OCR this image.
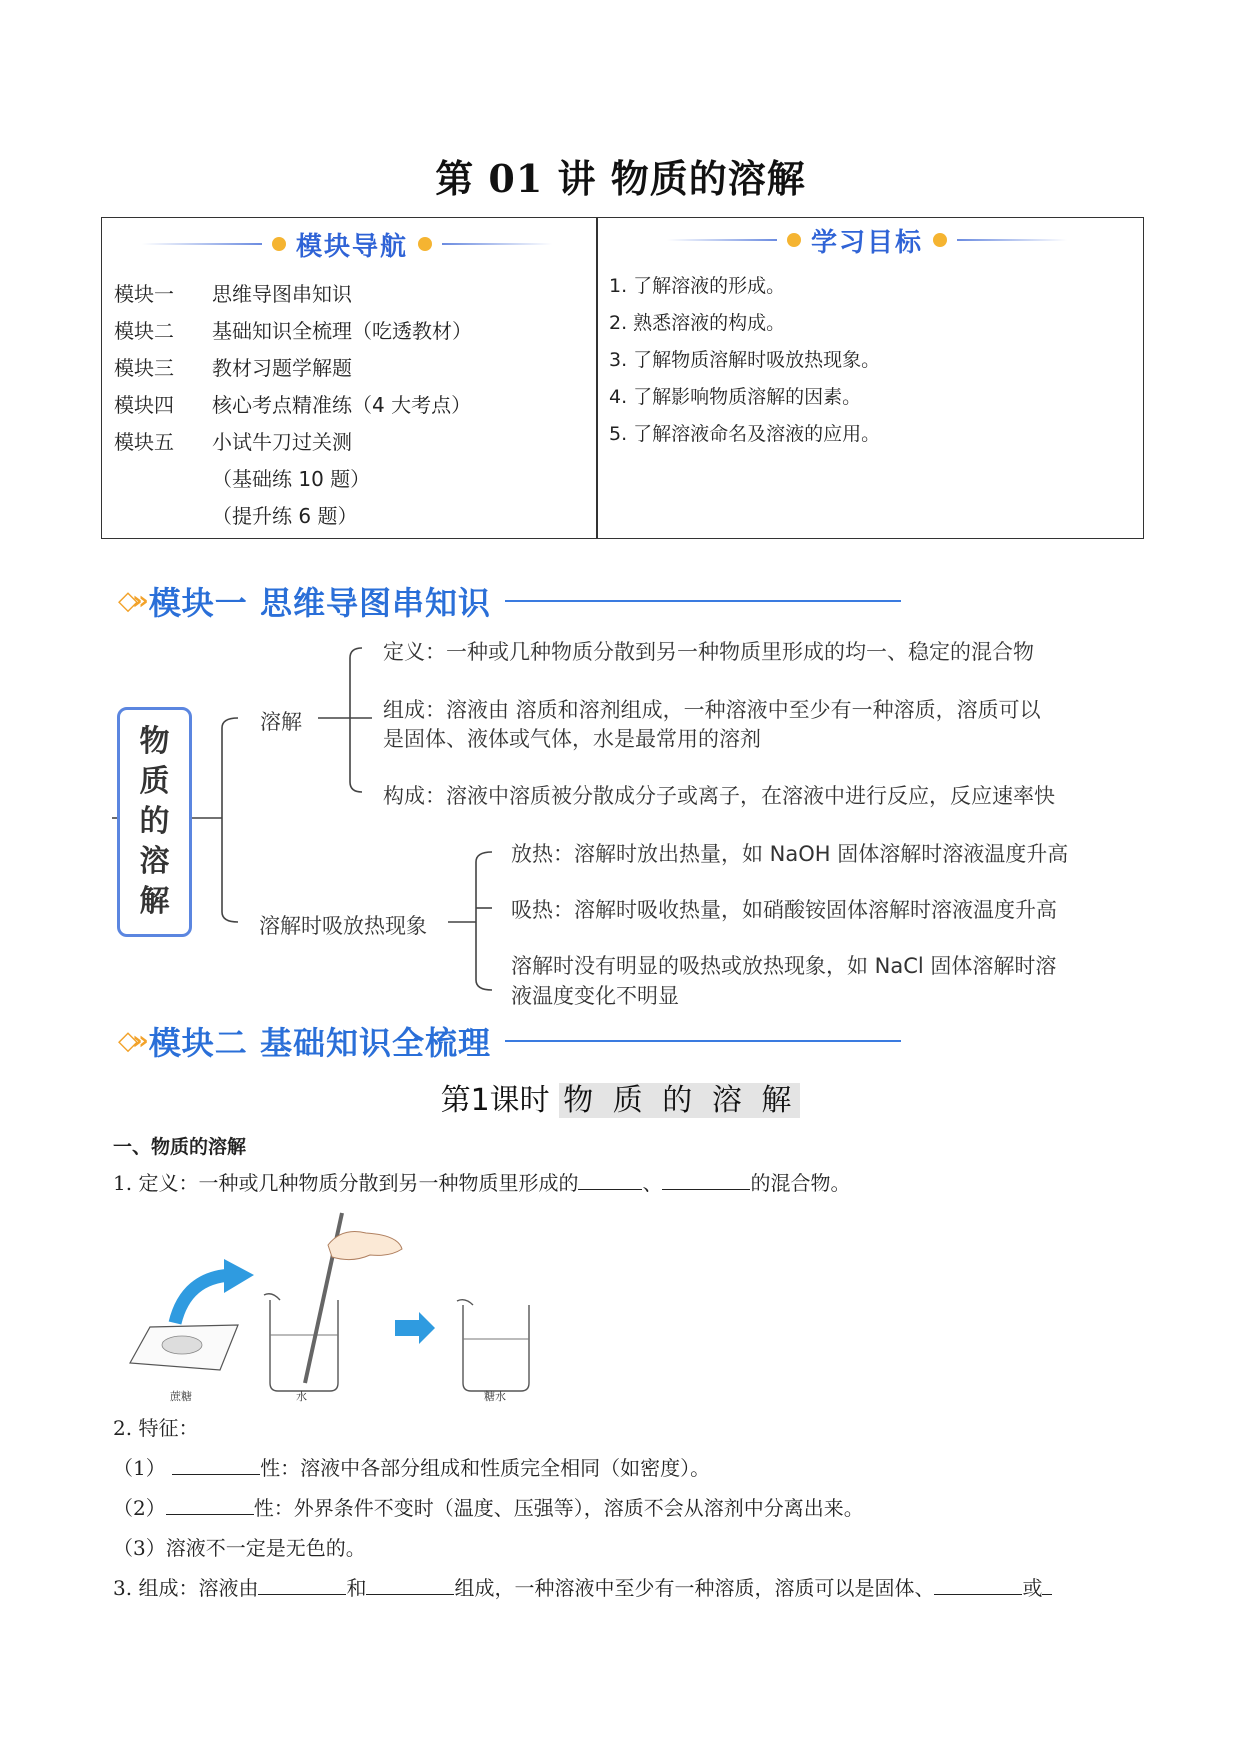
第 01 讲 物质的溶解
模块导航
模块一	思维导图串知识
模块二	基础知识全梳理（吃透教材）
模块三	教材习题学解题
模块四	核心考点精准练（4 大考点）
模块五	小试牛刀过关测
（基础练 10 题）
（提升练 6 题）
学习目标
1. 了解溶液的形成。
2. 熟悉溶液的构成。
3. 了解物质溶解时吸放热现象。
4. 了解影响物质溶解的因素。
5. 了解溶液命名及溶液的应用。
◇» 模块一 思维导图串知识
物
质
的
溶
解
溶解
定义：一种或几种物质分散到另一种物质里形成的均一、稳定的混合物
组成：溶液由 溶质和溶剂组成，一种溶液中至少有一种溶质，溶质可以
是固体、液体或气体，水是最常用的溶剂
构成：溶液中溶质被分散成分子或离子，在溶液中进行反应，反应速率快
溶解时吸放热现象
放热：溶解时放出热量，如 NaOH 固体溶解时溶液温度升高
吸热：溶解时吸收热量，如硝酸铵固体溶解时溶液温度升高
溶解时没有明显的吸热或放热现象，如 NaCl 固体溶解时溶
液温度变化不明显
◇» 模块二 基础知识全梳理
第1课时 物 质 的 溶 解
一、物质的溶解
1. 定义：一种或几种物质分散到另一种物质里形成的	、	的混合物。
蔗糖	水	糖水
2. 特征：
（1）	性：溶液中各部分组成和性质完全相同（如密度）。
（2）	性：外界条件不变时（温度、压强等），溶质不会从溶剂中分离出来。
（3）溶液不一定是无色的。
3. 组成：溶液由	和	组成，一种溶液中至少有一种溶质，溶质可以是固体、	或
